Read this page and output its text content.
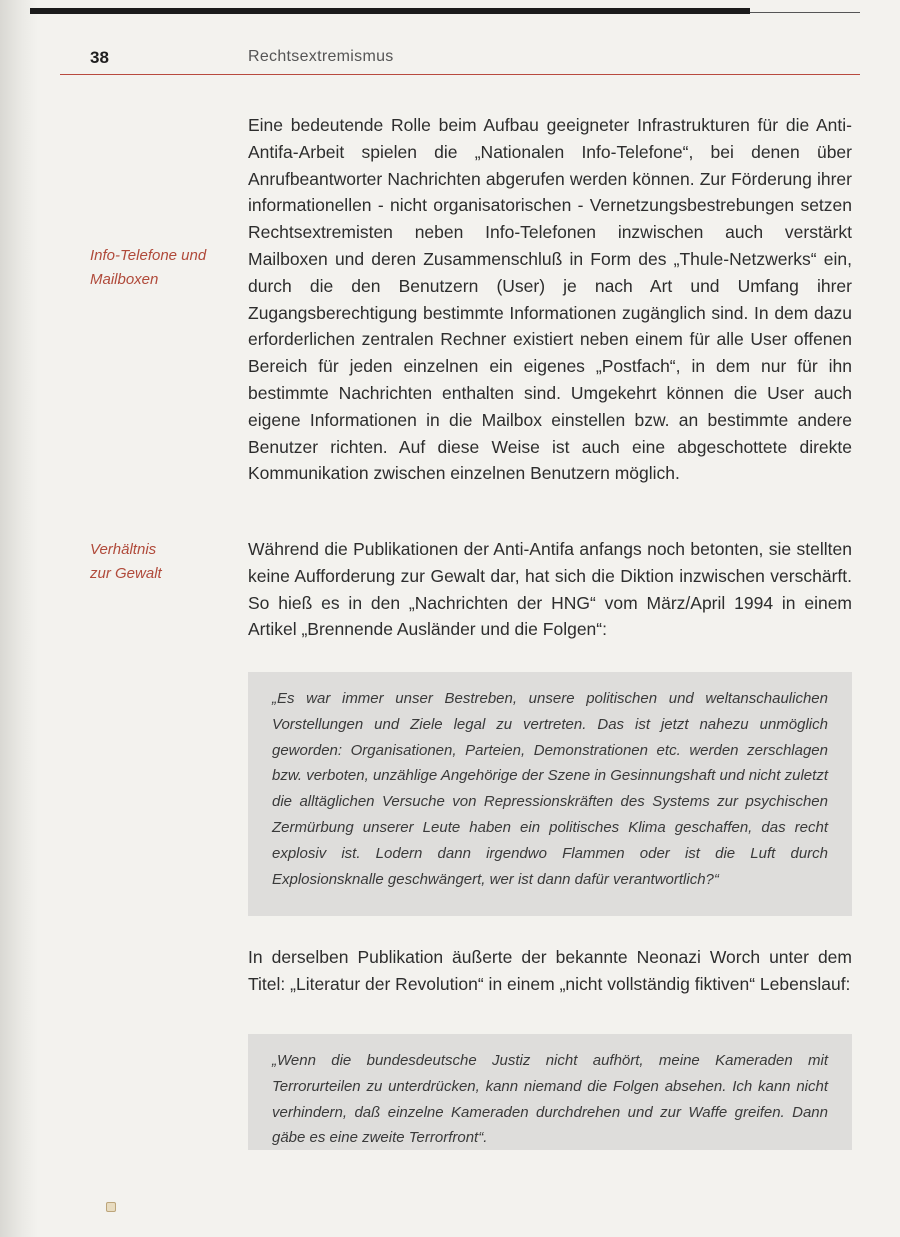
38	Rechtsextremismus
Info-Telefone und
Mailboxen
Verhältnis
zur Gewalt

Eine bedeutende Rolle beim Aufbau geeigneter Infrastrukturen für die Anti-Antifa-Arbeit spielen die „Nationalen Info-Telefone“, bei denen über Anrufbeantworter Nachrichten abgerufen werden können. Zur Förderung ihrer informationellen - nicht organisatorischen - Vernetzungsbestrebungen setzen Rechtsextremisten neben Info-Telefonen inzwischen auch verstärkt Mailboxen und deren Zusammenschluß in Form des „Thule-Netzwerks“ ein, durch die den Benutzern (User) je nach Art und Umfang ihrer Zugangsberechtigung bestimmte Informationen zugänglich sind. In dem dazu erforderlichen zentralen Rechner existiert neben einem für alle User offenen Bereich für jeden einzelnen ein eigenes „Postfach“, in dem nur für ihn bestimmte Nachrichten enthalten sind. Umgekehrt können die User auch eigene Informationen in die Mailbox einstellen bzw. an bestimmte andere Benutzer richten. Auf diese Weise ist auch eine abgeschottete direkte Kommunikation zwischen einzelnen Benutzern möglich.

Während die Publikationen der Anti-Antifa anfangs noch betonten, sie stellten keine Aufforderung zur Gewalt dar, hat sich die Diktion inzwischen verschärft. So hieß es in den „Nachrichten der HNG“ vom März/April 1994 in einem Artikel „Brennende Ausländer und die Folgen“:

„Es war immer unser Bestreben, unsere politischen und weltanschaulichen Vorstellungen und Ziele legal zu vertreten. Das ist jetzt nahezu unmöglich geworden: Organisationen, Parteien, Demonstrationen etc. werden zerschlagen bzw. verboten, unzählige Angehörige der Szene in Gesinnungshaft und nicht zuletzt die alltäglichen Versuche von Repressionskräften des Systems zur psychischen Zermürbung unserer Leute haben ein politisches Klima geschaffen, das recht explosiv ist. Lodern dann irgendwo Flammen oder ist die Luft durch Explosionsknalle geschwängert, wer ist dann dafür verantwortlich?“

In derselben Publikation äußerte der bekannte Neonazi Worch unter dem Titel: „Literatur der Revolution“ in einem „nicht vollständig fiktiven“ Lebenslauf:

„Wenn die bundesdeutsche Justiz nicht aufhört, meine Kameraden mit Terrorurteilen zu unterdrücken, kann niemand die Folgen absehen. Ich kann nicht verhindern, daß einzelne Kameraden durchdrehen und zur Waffe greifen. Dann gäbe es eine zweite Terrorfront“.
